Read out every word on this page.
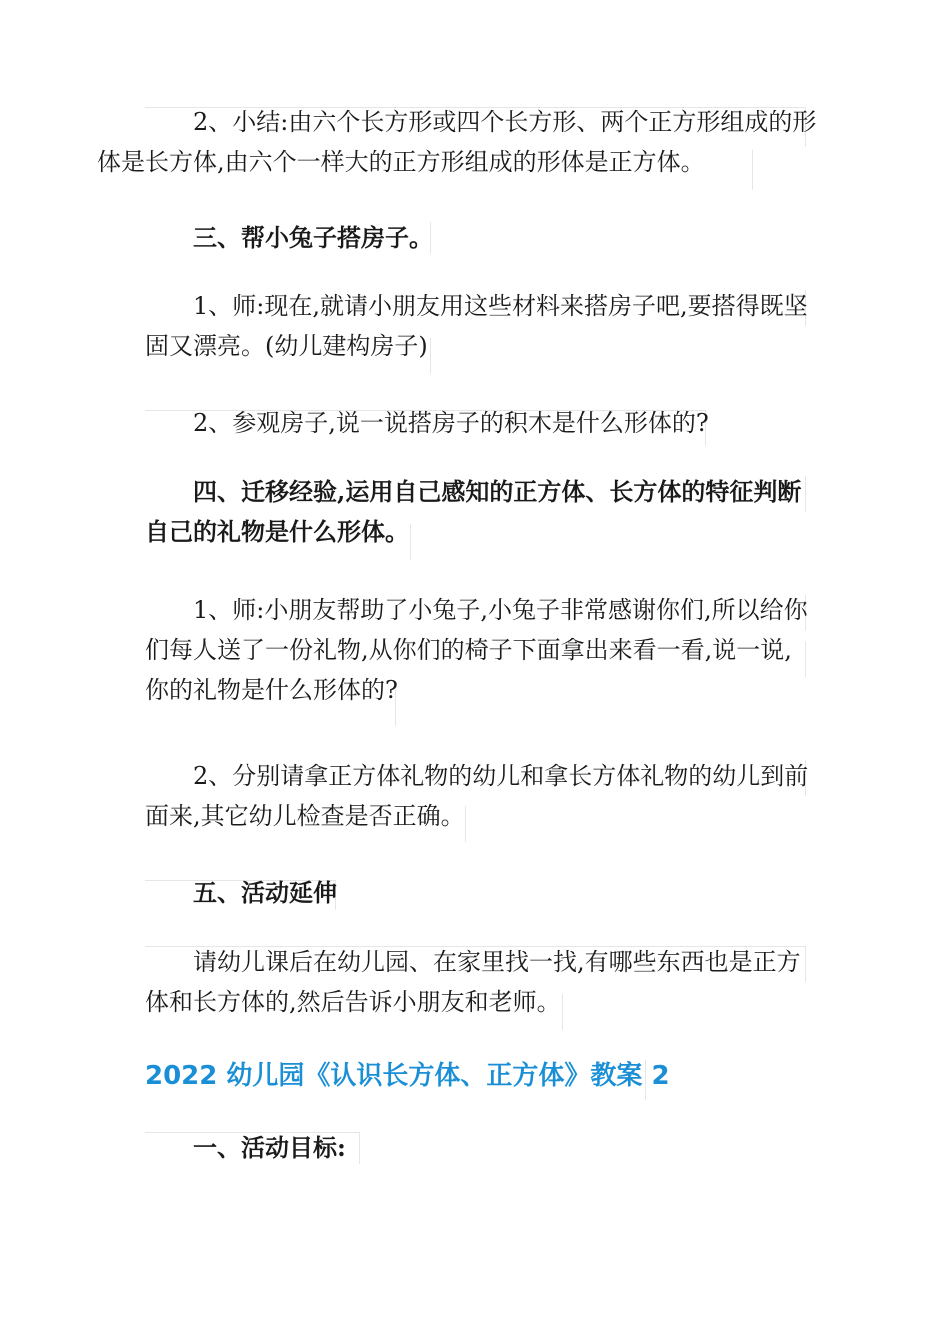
2、小结:由六个长方形或四个长方形、两个正方形组成的形
体是长方体,由六个一样大的正方形组成的形体是正方体。

三、帮小兔子搭房子。

1、师:现在,就请小朋友用这些材料来搭房子吧,要搭得既坚
固又漂亮。(幼儿建构房子)

2、参观房子,说一说搭房子的积木是什么形体的?

四、迁移经验,运用自己感知的正方体、长方体的特征判断
自己的礼物是什么形体。

1、师:小朋友帮助了小兔子,小兔子非常感谢你们,所以给你
们每人送了一份礼物,从你们的椅子下面拿出来看一看,说一说,
你的礼物是什么形体的?

2、分别请拿正方体礼物的幼儿和拿长方体礼物的幼儿到前
面来,其它幼儿检查是否正确。

五、活动延伸

请幼儿课后在幼儿园、在家里找一找,有哪些东西也是正方
体和长方体的,然后告诉小朋友和老师。

2022 幼儿园《认识长方体、正方体》教案 2

一、活动目标:
